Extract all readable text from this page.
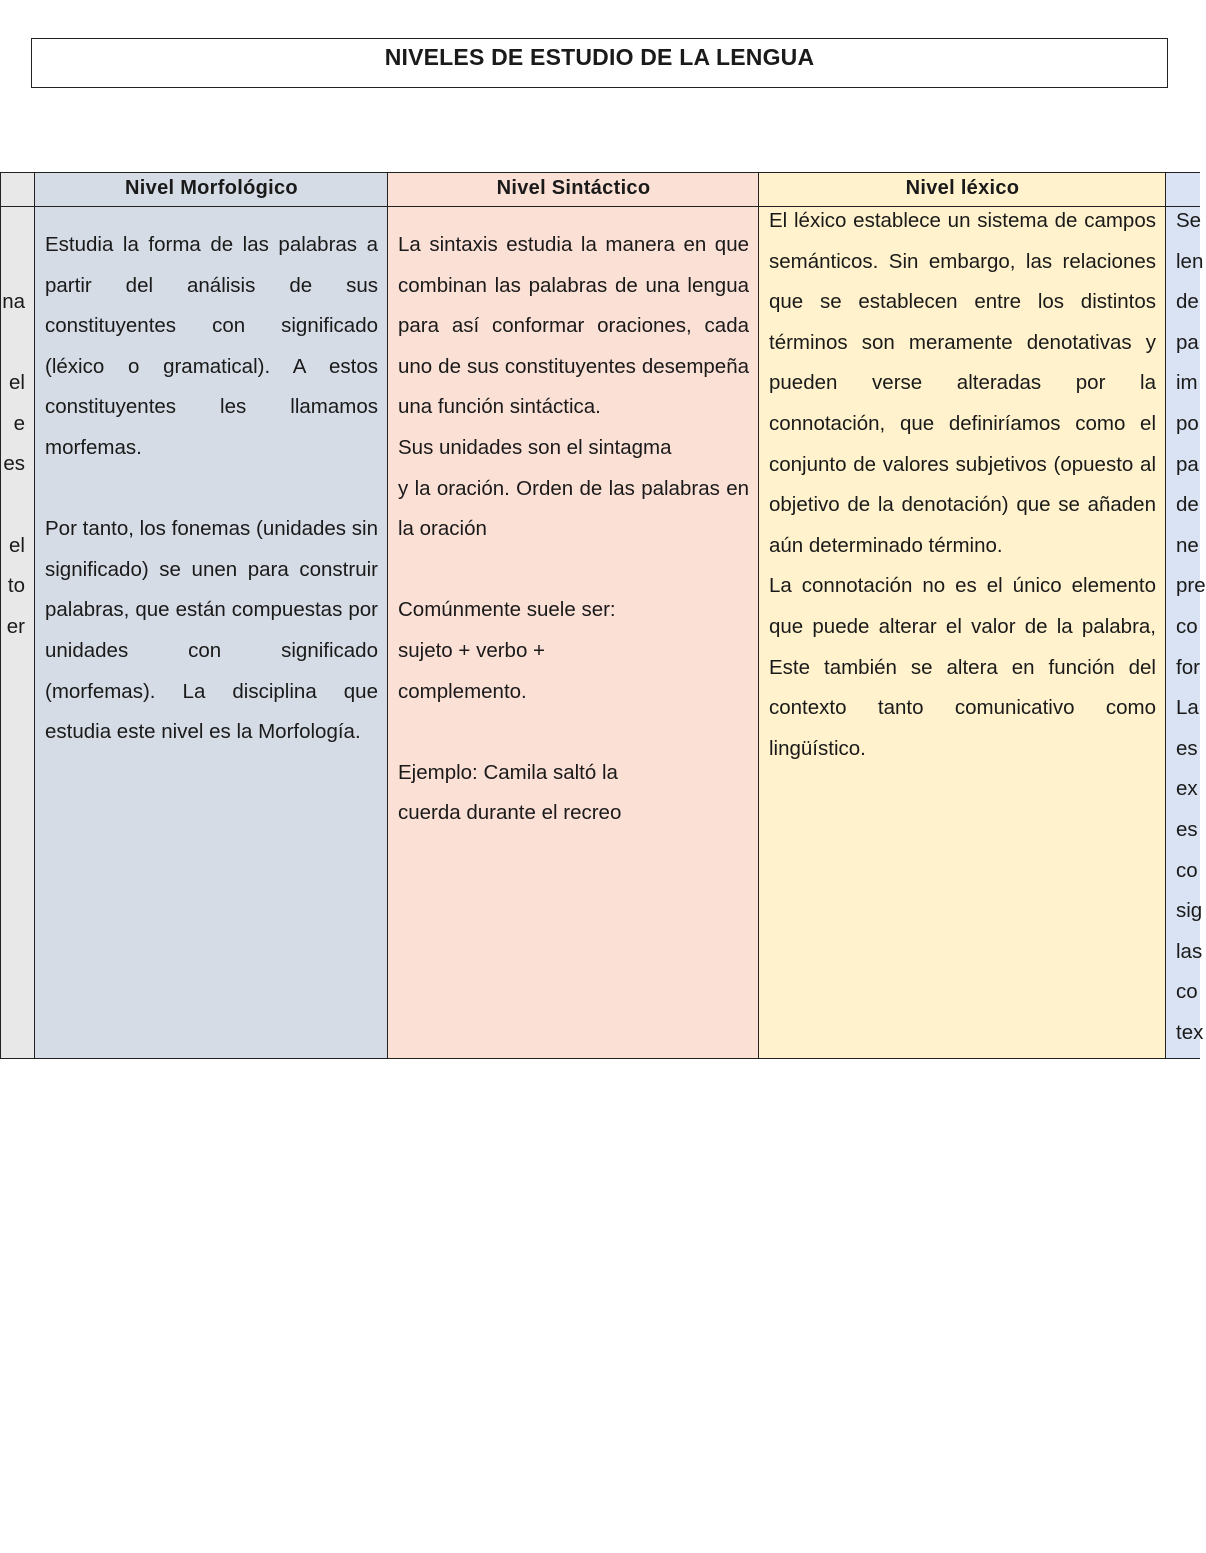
NIVELES DE ESTUDIO DE LA LENGUA
na

el
e
es

el
to
er
Nivel Morfológico

Estudia la forma de las palabras a partir del análisis de sus constituyentes con significado (léxico o gramatical). A estos constituyentes les llamamos morfemas.

Por tanto, los fonemas (unidades sin significado) se unen para construir palabras, que están compuestas por unidades con significado (morfemas). La disciplina que estudia este nivel es la Morfología.

Nivel Sintáctico

La sintaxis estudia la manera en que combinan las palabras de una lengua para así conformar oraciones, cada uno de sus constituyentes desempeña una función sintáctica.

Sus unidades son el sintagma

y la oración. Orden de las palabras en la oración

Comúnmente suele ser:

sujeto + verbo +

complemento.

Ejemplo: Camila saltó la

cuerda durante el recreo

Nivel léxico

El léxico establece un sistema de campos semánticos. Sin embargo, las relaciones que se establecen entre los distintos términos son meramente denotativas y pueden verse alteradas por la connotación, que definiríamos como el conjunto de valores subjetivos (opuesto al objetivo de la denotación) que se añaden aún determinado término.

La connotación no es el único elemento que puede alterar el valor de la palabra, Este también se altera en función del contexto tanto comunicativo como lingüístico.

Se
len
de
pa
im
po
pa
de
ne
pre
co
for
La
es
ex
es
co
sig
las
co
tex
